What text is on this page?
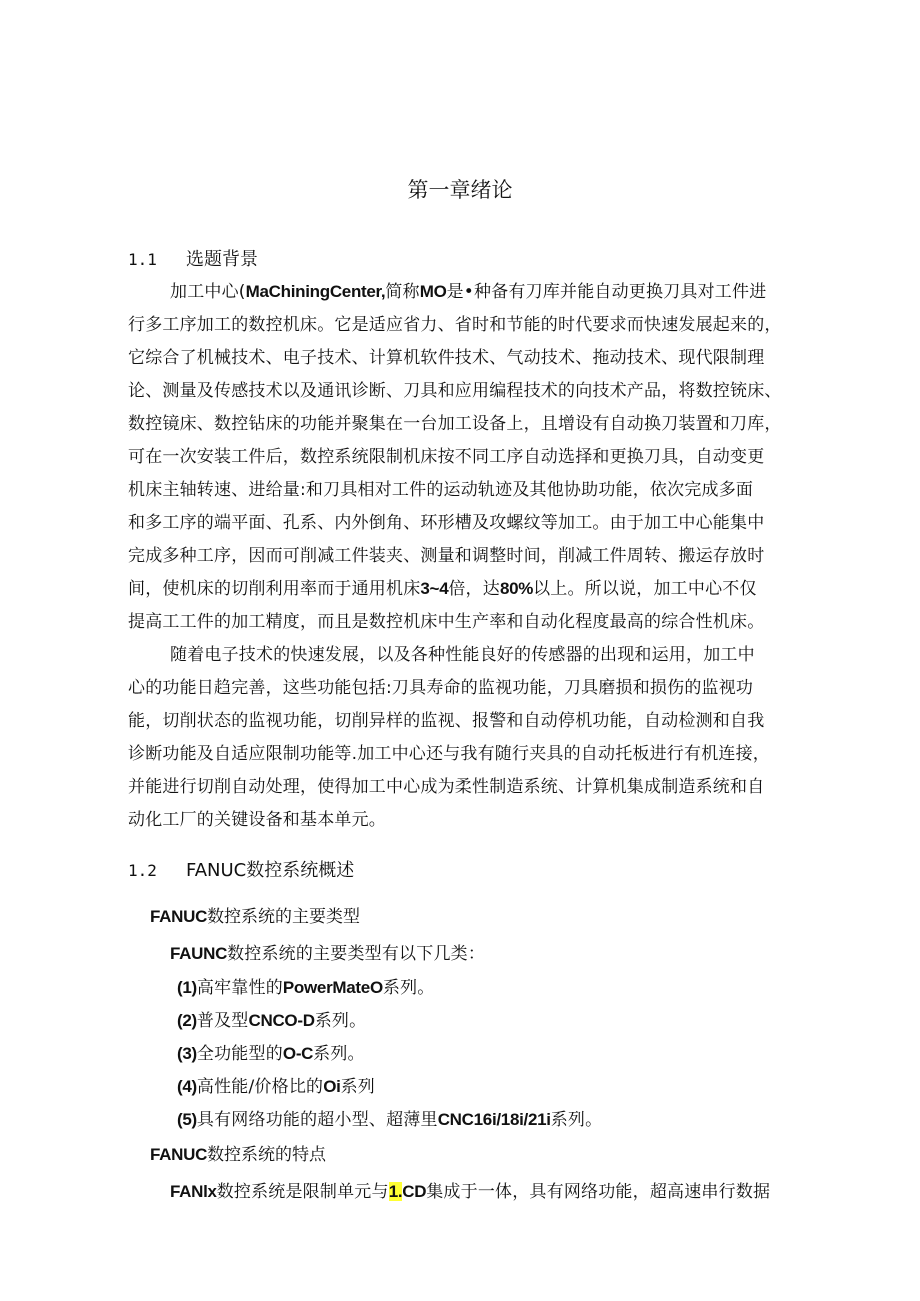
第一章绪论
1.1 选题背景
加工中心(MaChiningCenter,简称MO是•种备有刀库并能自动更换刀具对工件进
行多工序加工的数控机床。它是适应省力、省时和节能的时代要求而快速发展起来的，
它综合了机械技术、电子技术、计算机软件技术、气动技术、拖动技术、现代限制理
论、测量及传感技术以及通讯诊断、刀具和应用编程技术的向技术产品，将数控铳床、
数控镜床、数控钻床的功能并聚集在一台加工设备上，且增设有自动换刀装置和刀库，
可在一次安装工件后，数控系统限制机床按不同工序自动选择和更换刀具，自动变更
机床主轴转速、进给量:和刀具相对工件的运动轨迹及其他协助功能，依次完成多面
和多工序的端平面、孔系、内外倒角、环形槽及攻螺纹等加工。由于加工中心能集中
完成多种工序，因而可削减工件装夹、测量和调整时间，削减工件周转、搬运存放时
间，使机床的切削利用率而于通用机床3~4倍，达80%以上。所以说，加工中心不仅
提高工工件的加工精度，而且是数控机床中生产率和自动化程度最高的综合性机床。
随着电子技术的快速发展，以及各种性能良好的传感器的出现和运用，加工中
心的功能日趋完善，这些功能包括:刀具寿命的监视功能，刀具磨损和损伤的监视功
能，切削状态的监视功能，切削异样的监视、报警和自动停机功能，自动检测和自我
诊断功能及自适应限制功能等.加工中心还与我有随行夹具的自动托板进行有机连接，
并能进行切削自动处理，使得加工中心成为柔性制造系统、计算机集成制造系统和自
动化工厂的关键设备和基本单元。
1.2 FANUC数控系统概述
FANUC数控系统的主要类型
FAUNC数控系统的主要类型有以下几类：
(1)高牢靠性的PowerMateO系列。
(2)普及型CNCO-D系列。
(3)全功能型的O-C系列。
(4)高性能/价格比的Oi系列
(5)具有网络功能的超小型、超薄里CNC16i/18i/21i系列。
FANUC数控系统的特点
FANlx数控系统是限制单元与1.CD集成于一体，具有网络功能，超高速串行数据
